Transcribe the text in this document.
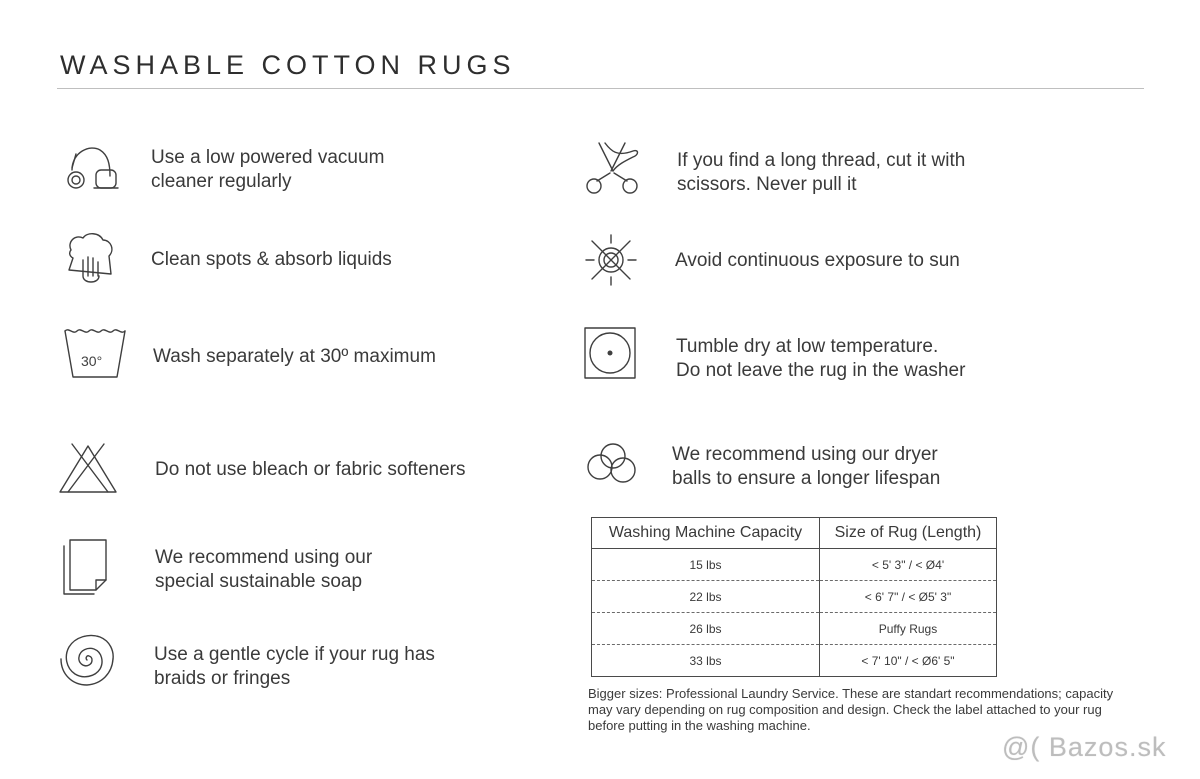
WASHABLE COTTON RUGS
Use a low powered vacuum
cleaner regularly
Clean spots & absorb liquids
30°	Wash separately at 30º maximum
Do not use bleach or fabric softeners
We recommend using our
special sustainable soap
Use a gentle cycle if your rug has
braids or fringes
If you find a long thread, cut it with
scissors. Never pull it
Avoid continuous exposure to sun
Tumble dry at low temperature.
Do not leave the rug in the washer
We recommend using our dryer
balls to ensure a longer lifespan
Washing Machine Capacity	Size of Rug (Length)
15 lbs	< 5' 3" / < Ø4'
22 lbs	< 6' 7" / < Ø5' 3"
26 lbs	Puffy Rugs
33 lbs	< 7' 10" / < Ø6' 5"
Bigger sizes: Professional Laundry Service. These are standart recommendations; capacity may vary depending on rug composition and design. Check the label attached to your rug before putting in the washing machine.
@( Bazos.sk
